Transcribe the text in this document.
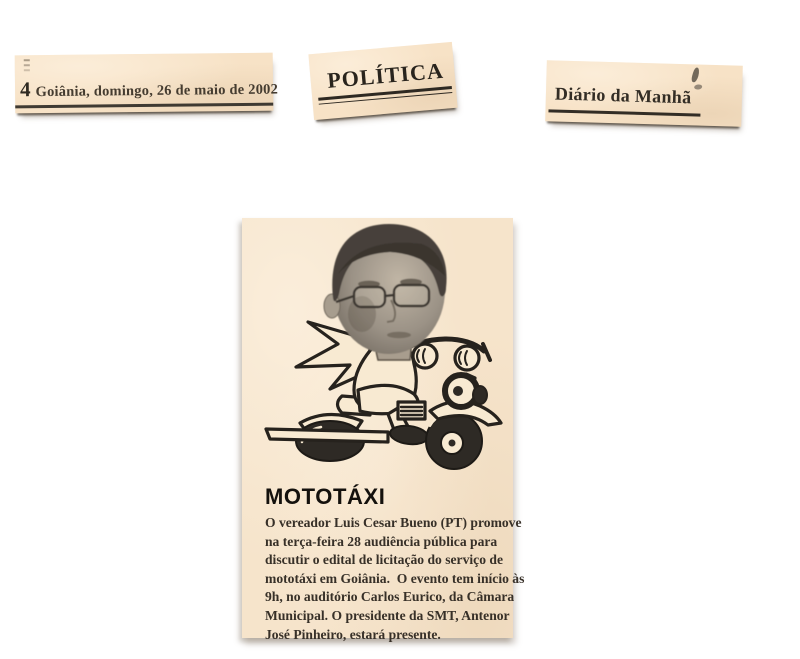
4 Goiânia, domingo, 26 de maio de 2002 POLÍTICA
Diário da Manhã
MOTOTÁXI
O vereador Luis Cesar Bueno (PT) promove
na terça-feira 28 audiência pública para
discutir o edital de licitação do serviço de
mototáxi em Goiânia.  O evento tem início às
9h, no auditório Carlos Eurico, da Câmara
Municipal. O presidente da SMT, Antenor
José Pinheiro, estará presente.
